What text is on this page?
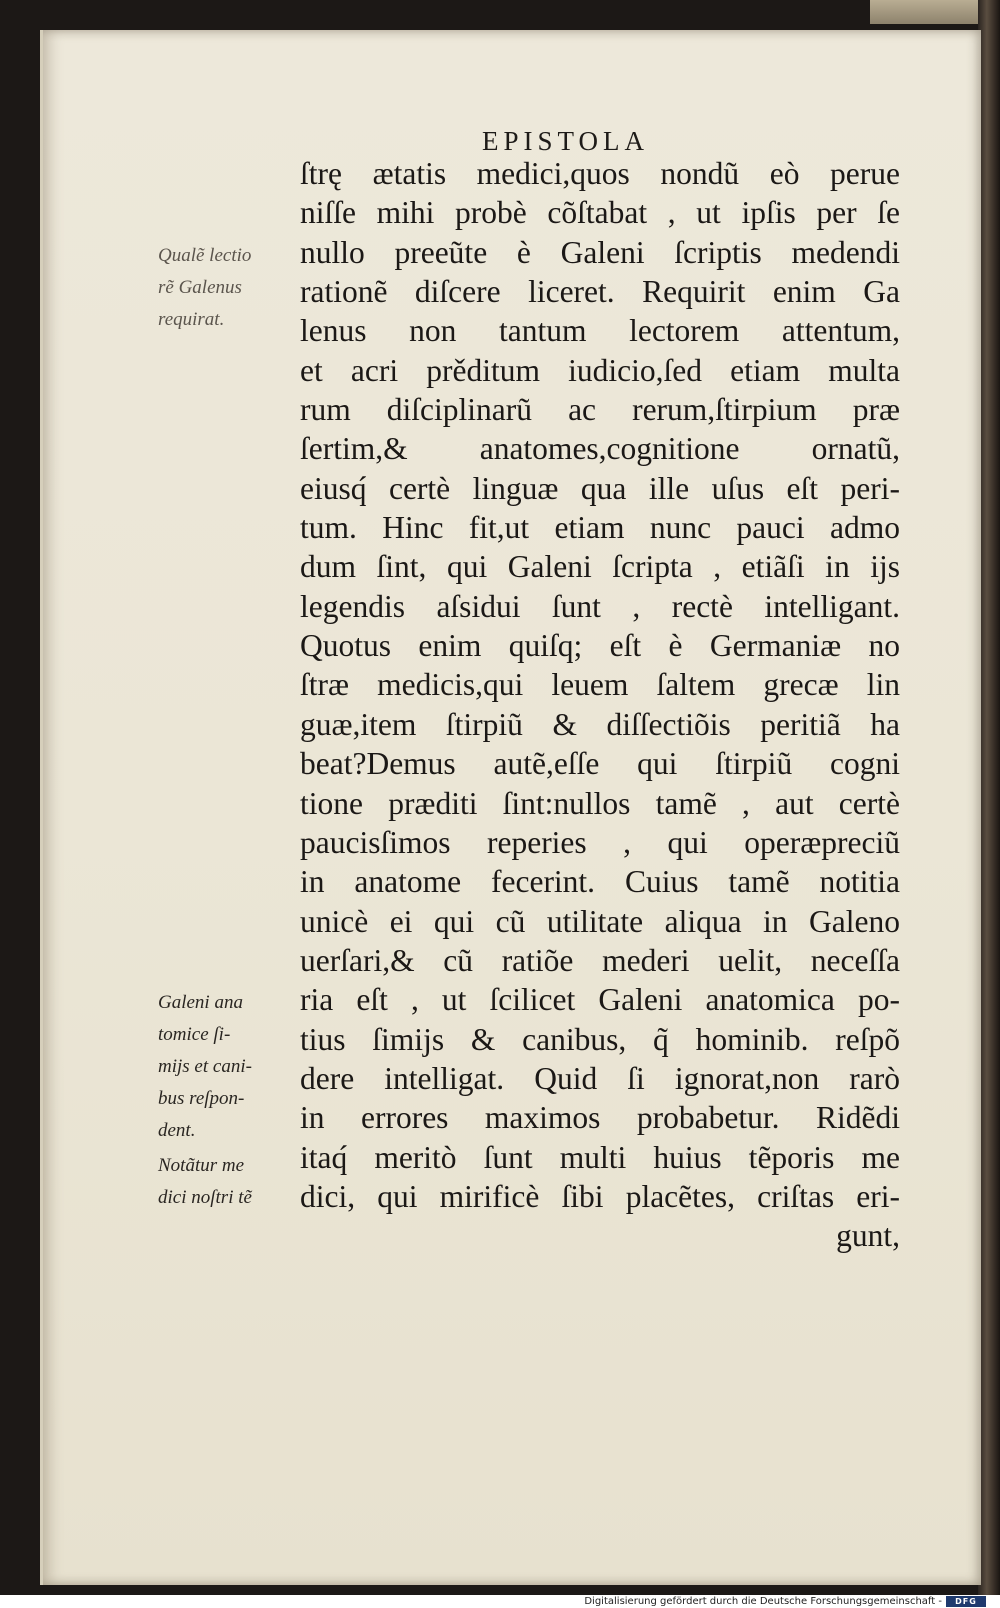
EPISTOLA
ſtrę ætatis medici,quos nondũ eò perue
niſſe mihi probè cõſtabat , ut ipſis per ſe
nullo preeũte è Galeni ſcriptis medendi
rationẽ diſcere liceret. Requirit enim Ga
lenus non tantum lectorem attentum,
et acri prěditum iudicio,ſed etiam multa
rum diſciplinarũ ac rerum,ſtirpium præ
ſertim,& anatomes,cognitione ornatũ,
eiusq́ certè linguæ qua ille uſus eſt peri-
tum. Hinc fit,ut etiam nunc pauci admo
dum ſint, qui Galeni ſcripta , etiãſi in ijs
legendis aſsidui ſunt , rectè intelligant.
Quotus enim quiſq; eſt è Germaniæ no
ſtræ medicis,qui leuem ſaltem grecæ lin
guæ,item ſtirpiũ & diſſectiõis peritiã ha
beat?Demus autẽ,eſſe qui ſtirpiũ cogni
tione præditi ſint:nullos tamẽ , aut certè
paucisſimos reperies , qui operæpreciũ
in anatome fecerint. Cuius tamẽ notitia
unicè ei qui cũ utilitate aliqua in Galeno
uerſari,& cũ ratiõe mederi uelit, neceſſa
ria eſt , ut ſcilicet Galeni anatomica po-
tius ſimijs & canibus, q̃ hominib. reſpõ
dere intelligat. Quid ſi ignorat,non rarò
in errores maximos probabetur. Ridẽdi
itaq́ meritò ſunt multi huius tẽporis me
dici, qui mirificè ſibi placẽtes, criſtas eri-
gunt,
Qualẽ lectio
rẽ Galenus
requirat.
Galeni ana
tomice ſi-
mijs et cani-
bus reſpon-
dent.
Notãtur me
dici noſtri tẽ
Digitalisierung gefördert durch die Deutsche Forschungsgemeinschaft -	DFG
